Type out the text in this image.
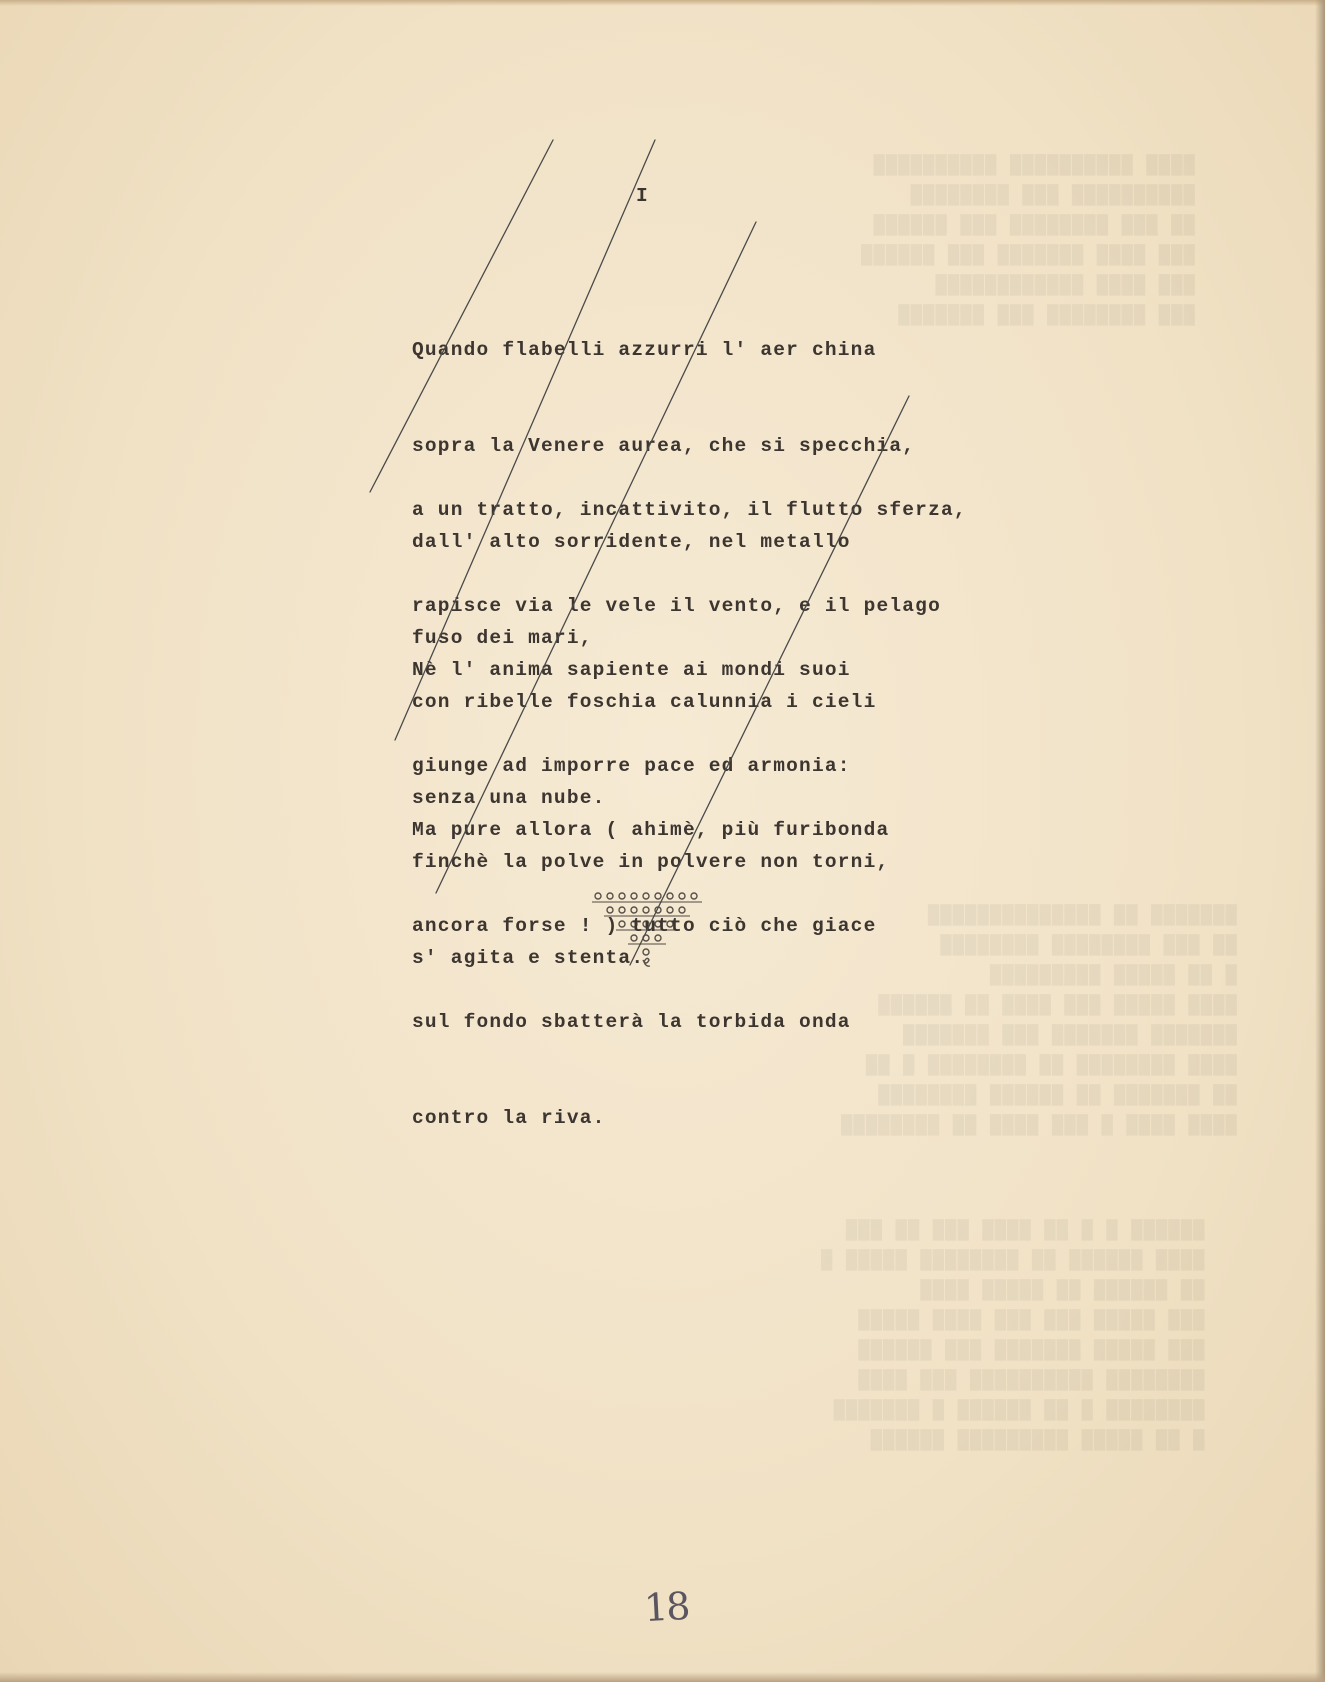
████ ██████████ ██████████
██████████ ███ ████████
██ ███ ████████ ███ ██████
███ ████ ███████ ███ ██████
███ ████ ████████████
███ ████████ ███ ███████

███████ ██ ██████████████
██ ███ ████████ ████████
█ ██ █████ █████████
████ █████ ███ ████ ██ ██████
███████ ███████ ███ ███████
████ ████████ ██ ████████ █ ██
██ ███████ ██ ██████ ████████
████ ████ █ ███ ████ ██ ████████

██████ █ █ ██ ████ ███ ██ ███
████ ██████ ██ ████████ █████ █
██ ██████ ██ █████ ████
███ █████ ███ ███ ████ █████
███ █████ ███████ ███ ██████
████████ ██████████ ███ ████
████████ █ ██ ██████ █ ███████
█ ██ █████ █████████ ██████

I

Quando flabelli azzurri l' aer china

sopra la Venere aurea, che si specchia,

dall' alto sorridente, nel metallo

fuso dei mari,

a un tratto, incattivito, il flutto sferza,

rapisce via le vele il vento, e il pelago

con ribelle foschia calunnia i cieli

senza una nube.

Nè l' anima sapiente ai mondi suoi

giunge ad imporre pace ed armonia:

finchè la polve in polvere non torni,

s' agita e stenta.

Ma pure allora ( ahimè, più furibonda

ancora forse ! ) tutto ciò che giace

sul fondo sbatterà la torbida onda

contro la riva.

18
